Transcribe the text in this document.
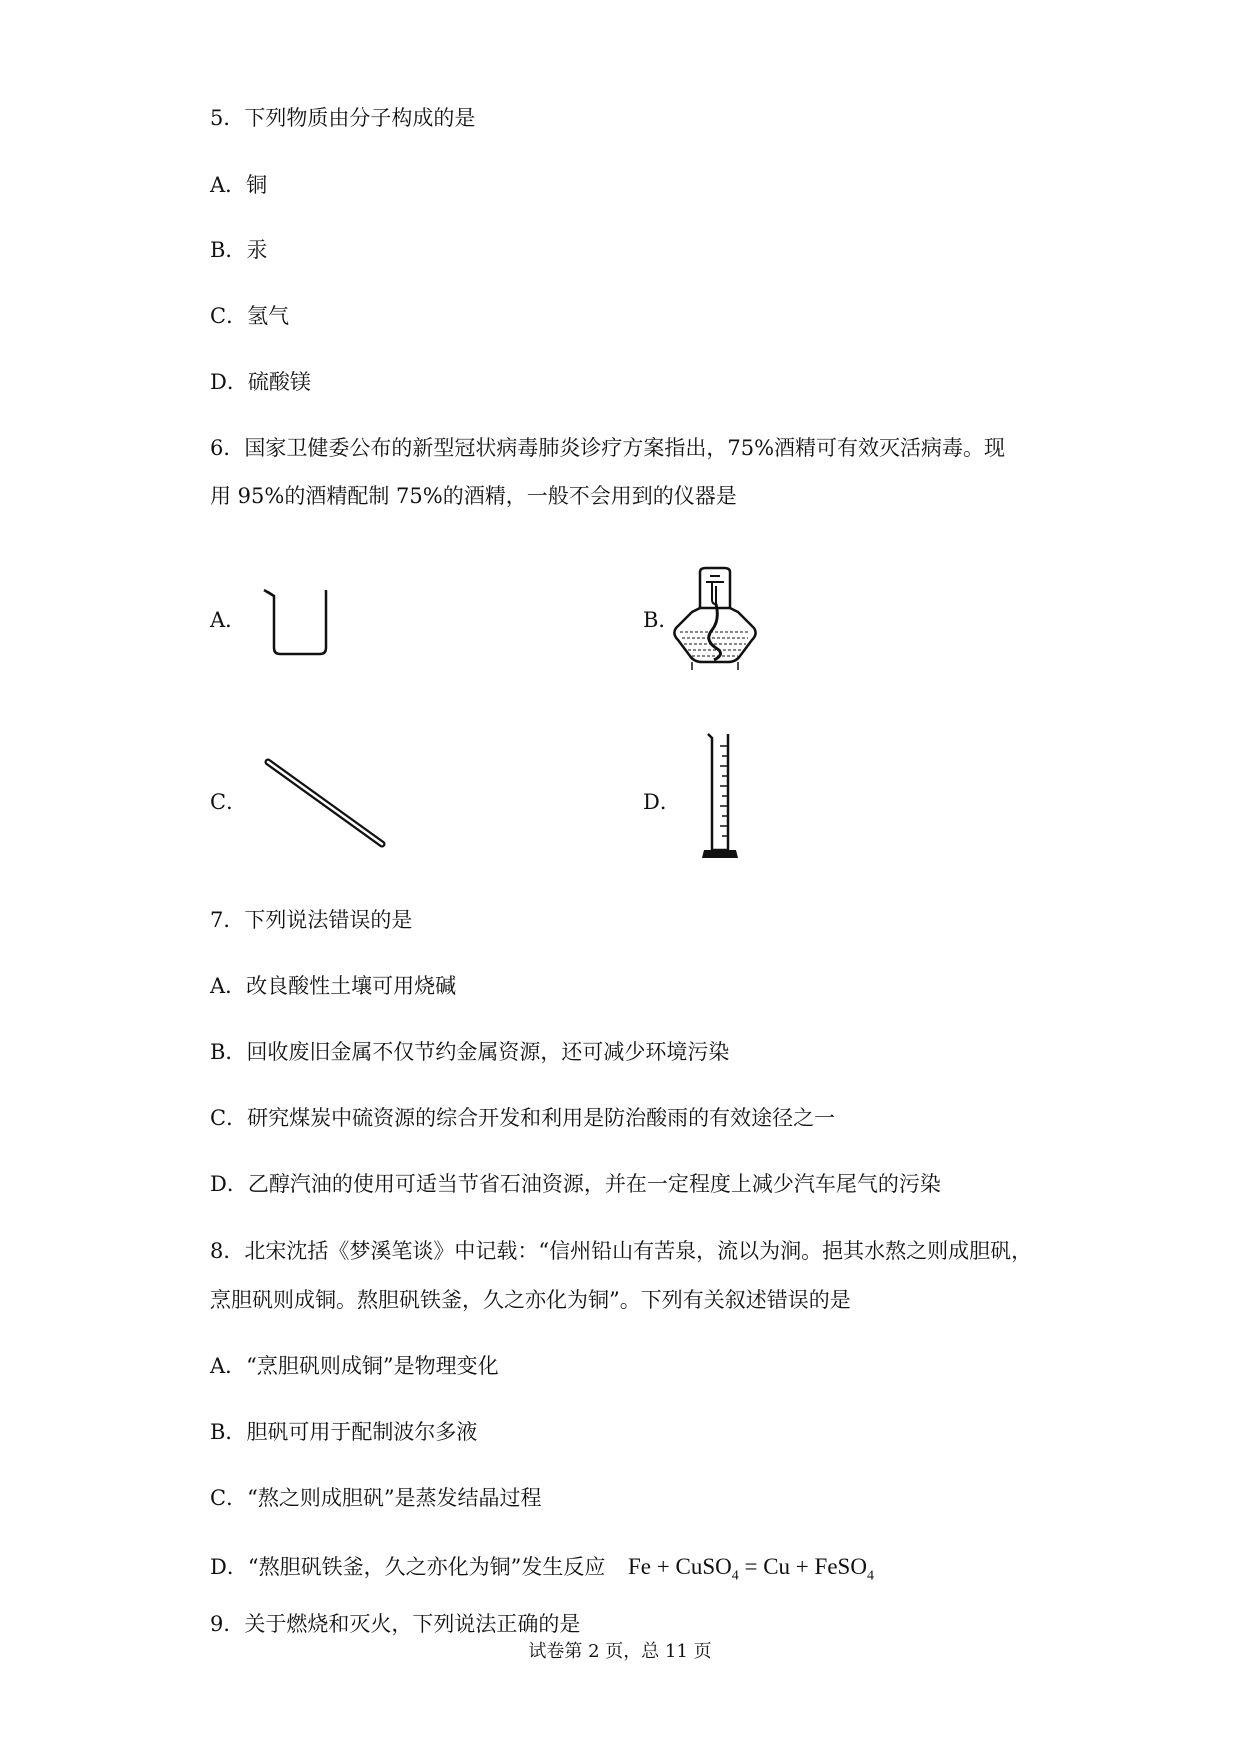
5．下列物质由分子构成的是
A．铜
B．汞
C．氢气
D．硫酸镁
6．国家卫健委公布的新型冠状病毒肺炎诊疗方案指出，75%酒精可有效灭活病毒。现
用 95%的酒精配制 75%的酒精，一般不会用到的仪器是
A．	B．
C．	D．
7．下列说法错误的是
A．改良酸性土壤可用烧碱
B．回收废旧金属不仅节约金属资源，还可减少环境污染
C．研究煤炭中硫资源的综合开发和利用是防治酸雨的有效途径之一
D．乙醇汽油的使用可适当节省石油资源，并在一定程度上减少汽车尾气的污染
8．北宋沈括《梦溪笔谈》中记载：“信州铅山有苦泉，流以为涧。挹其水熬之则成胆矾，
烹胆矾则成铜。熬胆矾铁釜，久之亦化为铜”。下列有关叙述错误的是
A．“烹胆矾则成铜”是物理变化
B．胆矾可用于配制波尔多液
C．“熬之则成胆矾”是蒸发结晶过程
D．“熬胆矾铁釜，久之亦化为铜”发生反应 Fe + CuSO$_4$ = Cu + FeSO$_4$
9．关于燃烧和灭火，下列说法正确的是
试卷第 2 页，总 11 页
